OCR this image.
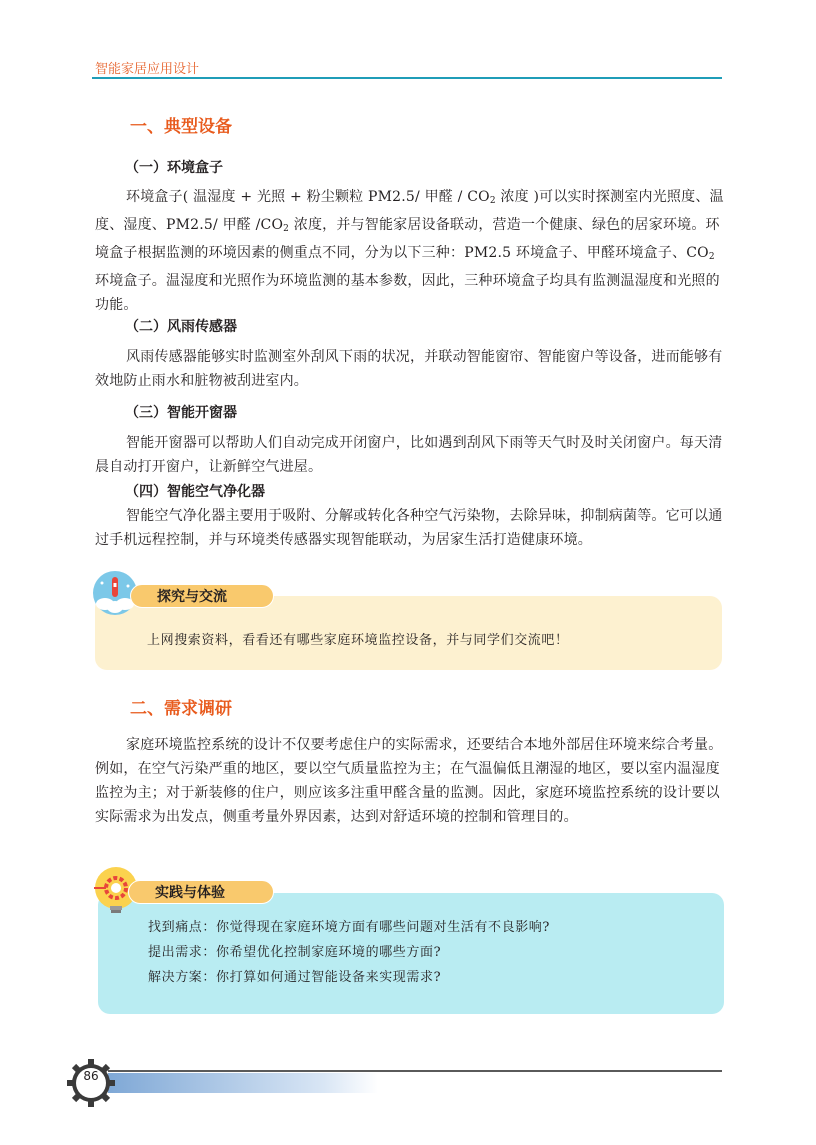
智能家居应用设计
一、典型设备
（一）环境盒子
环境盒子( 温湿度 + 光照 + 粉尘颗粒 PM2.5/ 甲醛 / $CO_2$ 浓度 )可以实时探测室内光照度、温度、湿度、PM2.5/ 甲醛 $/CO_2$ 浓度，并与智能家居设备联动，营造一个健康、绿色的居家环境。环境盒子根据监测的环境因素的侧重点不同，分为以下三种：PM2.5 环境盒子、甲醛环境盒子、$CO_2$ 环境盒子。温湿度和光照作为环境监测的基本参数，因此，三种环境盒子均具有监测温湿度和光照的功能。
（二）风雨传感器
风雨传感器能够实时监测室外刮风下雨的状况，并联动智能窗帘、智能窗户等设备，进而能够有效地防止雨水和脏物被刮进室内。
（三）智能开窗器
智能开窗器可以帮助人们自动完成开闭窗户，比如遇到刮风下雨等天气时及时关闭窗户。每天清晨自动打开窗户，让新鲜空气进屋。
（四）智能空气净化器
智能空气净化器主要用于吸附、分解或转化各种空气污染物，去除异味，抑制病菌等。它可以通过手机远程控制，并与环境类传感器实现智能联动，为居家生活打造健康环境。
探究与交流
上网搜索资料，看看还有哪些家庭环境监控设备，并与同学们交流吧！
二、需求调研
家庭环境监控系统的设计不仅要考虑住户的实际需求，还要结合本地外部居住环境来综合考量。例如，在空气污染严重的地区，要以空气质量监控为主；在气温偏低且潮湿的地区，要以室内温湿度监控为主；对于新装修的住户，则应该多注重甲醛含量的监测。因此，家庭环境监控系统的设计要以实际需求为出发点，侧重考量外界因素，达到对舒适环境的控制和管理目的。
实践与体验
找到痛点：你觉得现在家庭环境方面有哪些问题对生活有不良影响?
提出需求：你希望优化控制家庭环境的哪些方面?
解决方案：你打算如何通过智能设备来实现需求?
86
